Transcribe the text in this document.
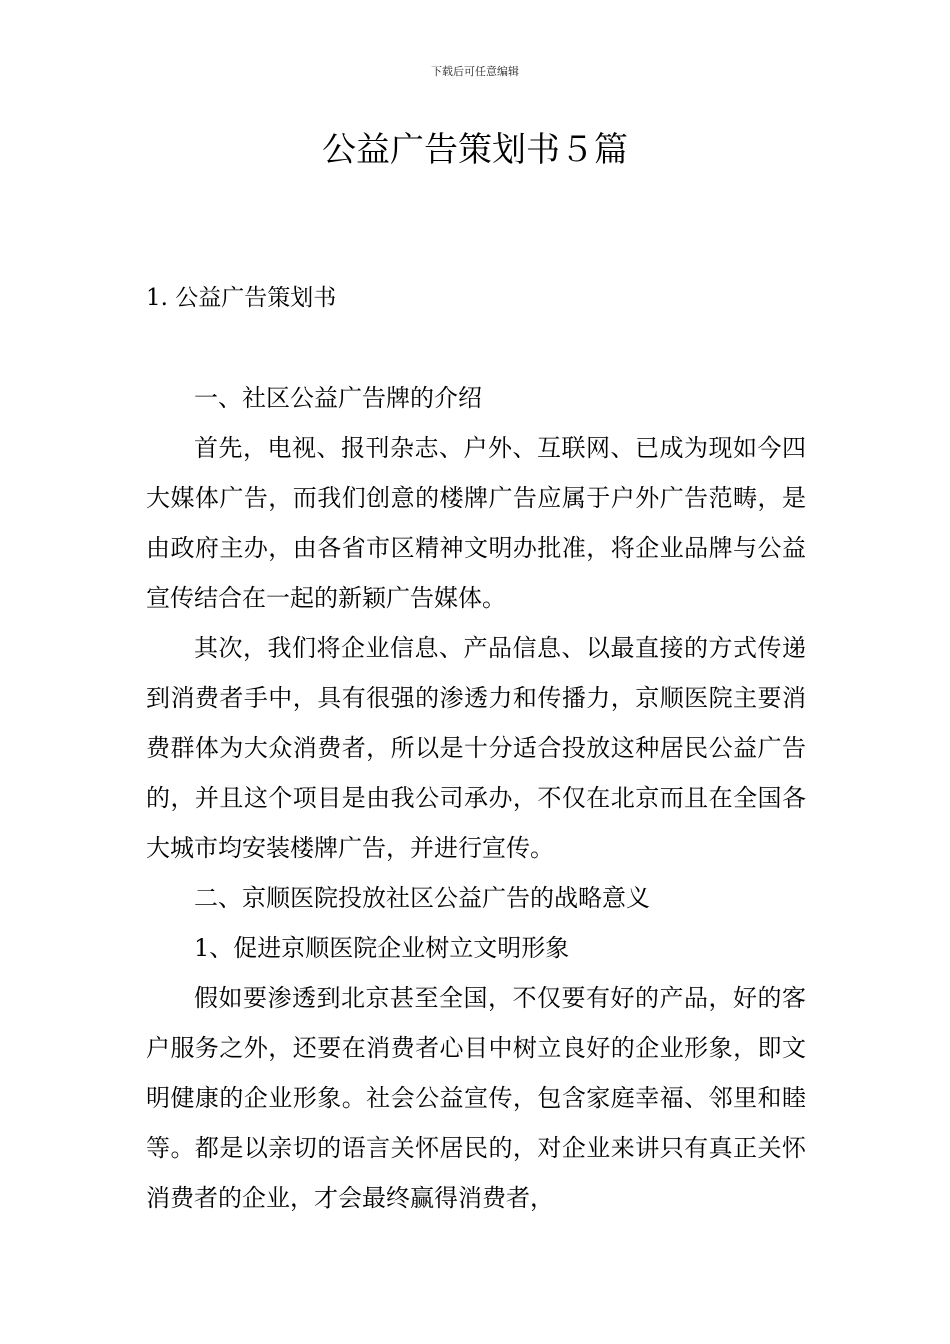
下载后可任意编辑
公益广告策划书５篇
1. 公益广告策划书

一、社区公益广告牌的介绍

首先，电视、报刊杂志、户外、互联网、已成为现如今四大媒体广告，而我们创意的楼牌广告应属于户外广告范畴，是由政府主办，由各省市区精神文明办批准，将企业品牌与公益宣传结合在一起的新颖广告媒体。

其次，我们将企业信息、产品信息、以最直接的方式传递到消费者手中，具有很强的渗透力和传播力，京顺医院主要消费群体为大众消费者，所以是十分适合投放这种居民公益广告的，并且这个项目是由我公司承办，不仅在北京而且在全国各大城市均安装楼牌广告，并进行宣传。

二、京顺医院投放社区公益广告的战略意义

1、促进京顺医院企业树立文明形象

假如要渗透到北京甚至全国，不仅要有好的产品，好的客户服务之外，还要在消费者心目中树立良好的企业形象，即文明健康的企业形象。社会公益宣传，包含家庭幸福、邻里和睦等。都是以亲切的语言关怀居民的，对企业来讲只有真正关怀消费者的企业，才会最终赢得消费者，
